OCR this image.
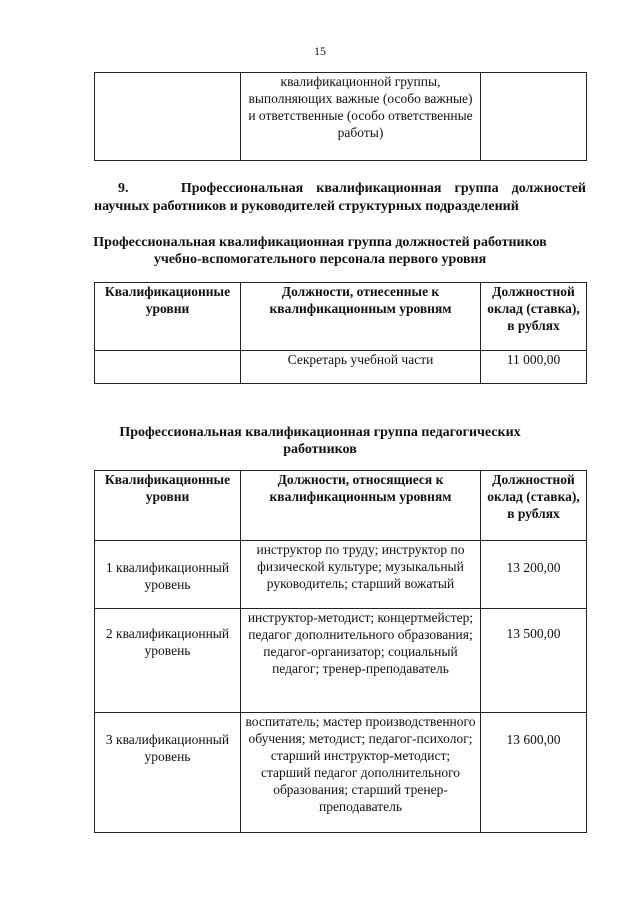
15
	квалификационной группы, выполняющих важные (особо важные) и ответственные (особо ответственные работы)	
9.	Профессиональная квалификационная группа должностей
научных работников и руководителей структурных подразделений
Профессиональная квалификационная группа должностей работников
учебно-вспомогательного персонала первого уровня
Квалификационные уровни	Должности, отнесенные к квалификационным уровням	Должностной оклад (ставка), в рублях
	Секретарь учебной части	11 000,00
Профессиональная квалификационная группа педагогических
работников
Квалификационные уровни	Должности, относящиеся к квалификационным уровням	Должностной оклад (ставка), в рублях
1 квалификационный уровень	инструктор по труду; инструктор по физической культуре; музыкальный руководитель; старший вожатый	13 200,00
2 квалификационный уровень	инструктор-методист; концертмейстер; педагог дополнительного образования; педагог-организатор; социальный педагог; тренер-преподаватель	13 500,00
3 квалификационный уровень	воспитатель; мастер производственного обучения; методист; педагог-психолог; старший инструктор-методист; старший педагог дополнительного образования; старший тренер-преподаватель	13 600,00
